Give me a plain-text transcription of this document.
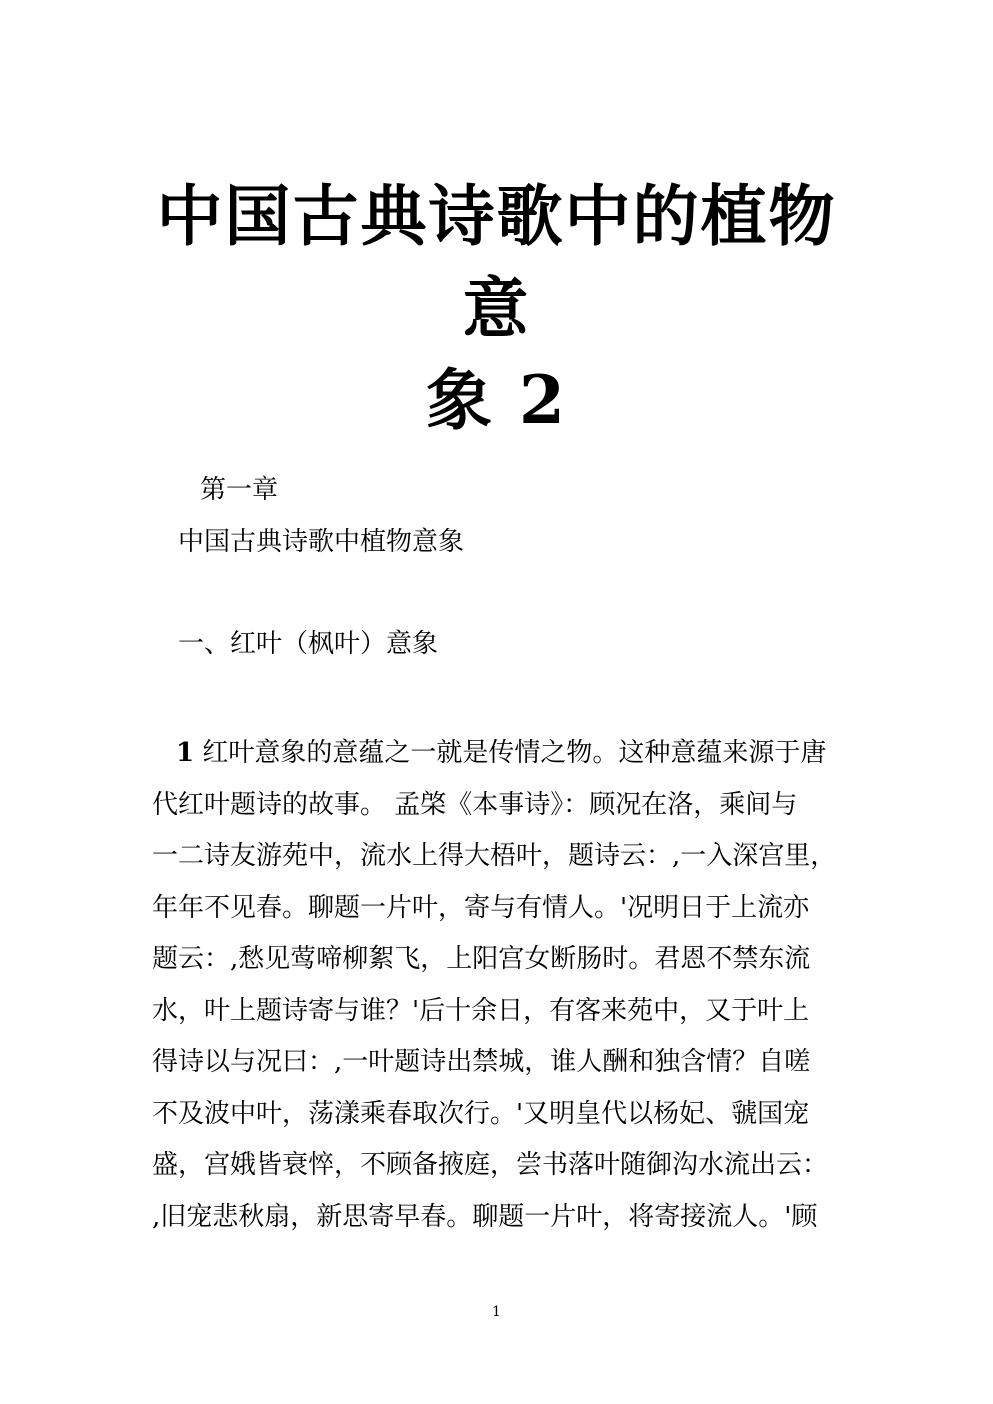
中国古典诗歌中的植物意
象 2
第一章
中国古典诗歌中植物意象
一、红叶（枫叶）意象
1 红叶意象的意蕴之一就是传情之物。这种意蕴来源于唐
代红叶题诗的故事。 孟棨《本事诗》：顾况在洛，乘间与
一二诗友游苑中，流水上得大梧叶，题诗云：,一入深宫里，
年年不见春。聊题一片叶，寄与有情人。'况明日于上流亦
题云：,愁见莺啼柳絮飞，上阳宫女断肠时。君恩不禁东流
水，叶上题诗寄与谁？'后十余日，有客来苑中，又于叶上
得诗以与况曰：,一叶题诗出禁城，谁人酬和独含情？自嗟
不及波中叶，荡漾乘春取次行。'又明皇代以杨妃、虢国宠
盛，宫娥皆衰悴，不顾备掖庭，尝书落叶随御沟水流出云：
,旧宠悲秋扇，新思寄早春。聊题一片叶，将寄接流人。'顾
1
